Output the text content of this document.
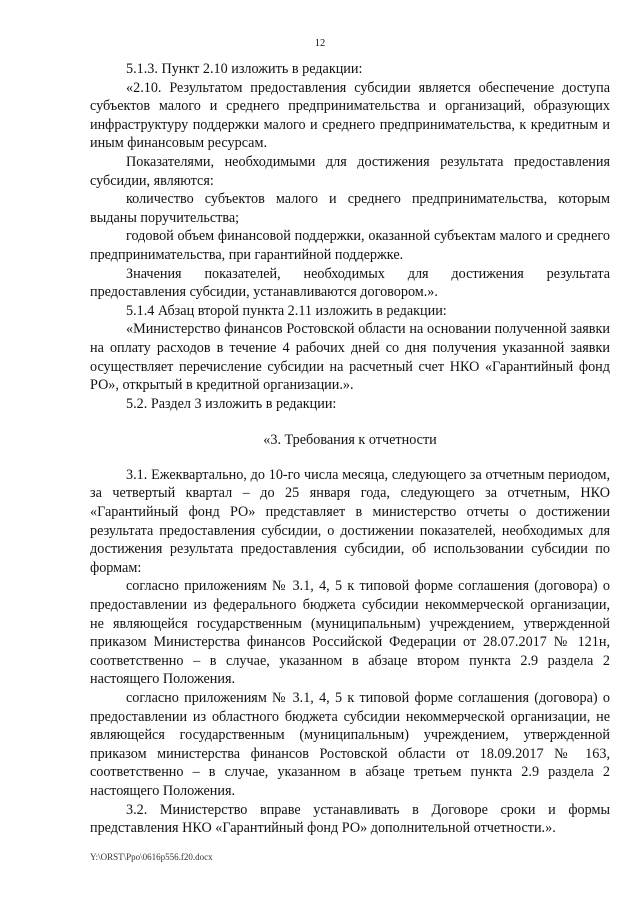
12

5.1.3. Пункт 2.10 изложить в редакции:

«2.10. Результатом предоставления субсидии является обеспечение доступа субъектов малого и среднего предпринимательства и организаций, образующих инфраструктуру поддержки малого и среднего предпринимательства, к кредитным и иным финансовым ресурсам.

Показателями, необходимыми для достижения результата предоставления субсидии, являются:

количество субъектов малого и среднего предпринимательства, которым выданы поручительства;

годовой объем финансовой поддержки, оказанной субъектам малого и среднего предпринимательства, при гарантийной поддержке.

Значения показателей, необходимых для достижения результата предоставления субсидии, устанавливаются договором.».

5.1.4 Абзац второй пункта 2.11 изложить в редакции:

«Министерство финансов Ростовской области на основании полученной заявки на оплату расходов в течение 4 рабочих дней со дня получения указанной заявки осуществляет перечисление субсидии на расчетный счет НКО «Гарантийный фонд РО», открытый в кредитной организации.».

5.2. Раздел 3 изложить в редакции:

«3. Требования к отчетности

3.1. Ежеквартально, до 10-го числа месяца, следующего за отчетным периодом, за четвертый квартал – до 25 января года, следующего за отчетным, НКО «Гарантийный фонд РО» представляет в министерство отчеты о достижении результата предоставления субсидии, о достижении показателей, необходимых для достижения результата предоставления субсидии, об использовании субсидии по формам:

согласно приложениям № 3.1, 4, 5 к типовой форме соглашения (договора) о предоставлении из федерального бюджета субсидии некоммерческой организации, не являющейся государственным (муниципальным) учреждением, утвержденной приказом Министерства финансов Российской Федерации от 28.07.2017 № 121н, соответственно – в случае, указанном в абзаце втором пункта 2.9 раздела 2 настоящего Положения.

согласно приложениям № 3.1, 4, 5 к типовой форме соглашения (договора) о предоставлении из областного бюджета субсидии некоммерческой организации, не являющейся государственным (муниципальным) учреждением, утвержденной приказом министерства финансов Ростовской области от 18.09.2017 № 163, соответственно – в случае, указанном в абзаце третьем пункта 2.9 раздела 2 настоящего Положения.

3.2. Министерство вправе устанавливать в Договоре сроки и формы представления НКО «Гарантийный фонд РО» дополнительной отчетности.».

Y:\ORST\Ppo\0616p556.f20.docx
